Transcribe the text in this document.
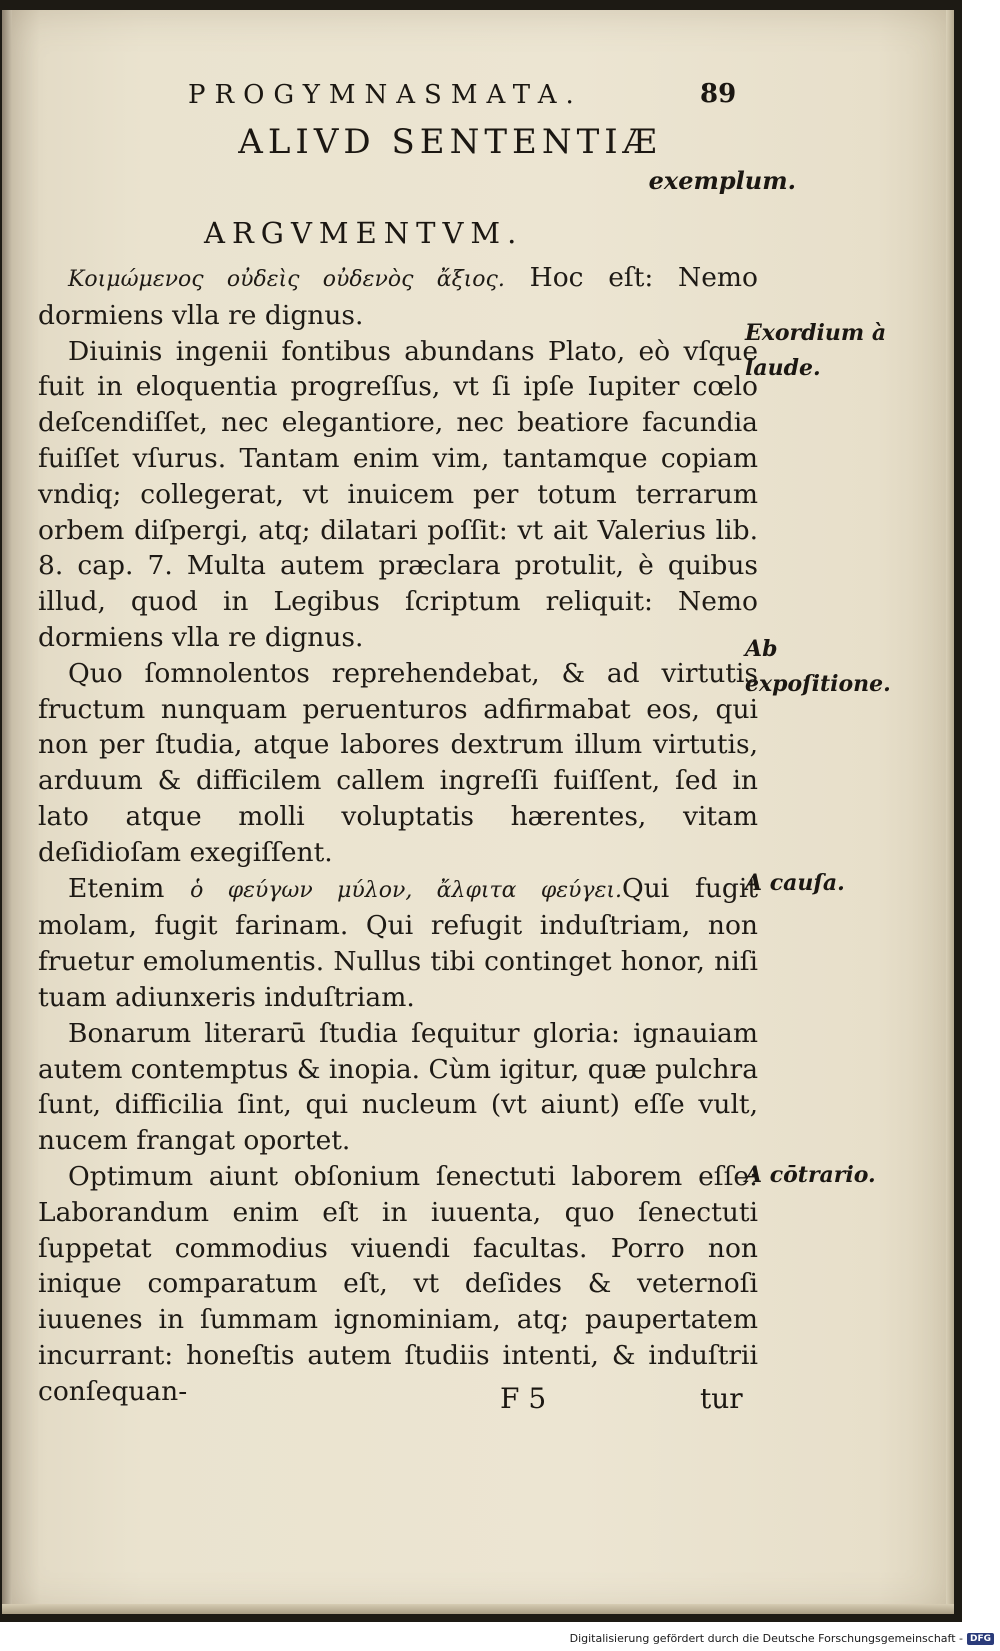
PROGYMNASMATA.	89
ALIVD SENTENTIÆ
exemplum.
ARGVMENTVM.

Κοιμώμενος οὐδεὶς οὐδενὸς ἄξιος. Hoc eſt: Nemo dormiens vlla re dignus.

Diuinis ingenii fontibus abundans Plato, eò vſque fuit in eloquentia progreſſus, vt ſi ipſe Iupiter cœlo deſcendiſſet, nec elegantiore, nec beatiore facundia fuiſſet vſurus. Tantam enim vim, tantamque copiam vndiq; collegerat, vt inuicem per totum terrarum orbem diſpergi, atq; dilatari poſſit: vt ait Valerius lib. 8. cap. 7. Multa autem præclara protulit, è quibus illud, quod in Legibus ſcriptum reliquit: Nemo dormiens vlla re dignus.

Quo ſomnolentos reprehendebat, & ad virtutis fructum nunquam peruenturos adfirmabat eos, qui non per ſtudia, atque labores dextrum illum virtutis, arduum & difficilem callem ingreſſi fuiſſent, ſed in lato atque molli voluptatis hærentes, vitam deſidioſam exegiſſent.

Etenim ὁ φεύγων μύλον, ἄλφιτα φεύγει.Qui fugit molam, fugit farinam. Qui refugit induſtriam, non fruetur emolumentis. Nullus tibi continget honor, niſi tuam adiunxeris induſtriam.

Bonarum literarū ſtudia ſequitur gloria: ignauiam autem contemptus & inopia. Cùm igitur, quæ pulchra ſunt, difficilia ſint, qui nucleum (vt aiunt) eſſe vult, nucem frangat oportet.

Optimum aiunt obſonium ſenectuti laborem eſſe: Laborandum enim eſt in iuuenta, quo ſenectuti ſuppetat commodius viuendi facultas. Porro non inique comparatum eſt, vt deſides & veternoſi iuuenes in ſummam ignominiam, atq; paupertatem incurrant: honeſtis autem ſtudiis intenti, & induſtrii conſequan-

Exordium à laude.
Ab expoſitione.
A cauſa.
A cōtrario.
F 5	tur
Digitalisierung gefördert durch die Deutsche Forschungsgemeinschaft - DFG
